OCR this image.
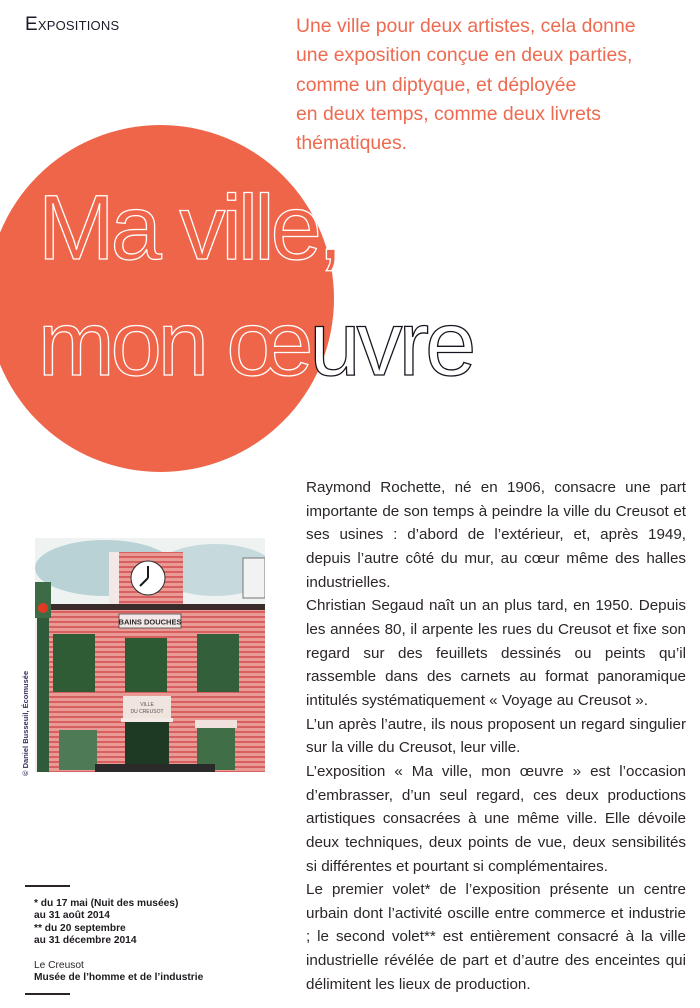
Expositions	Une ville pour deux artistes, cela donne
une exposition conçue en deux parties,
comme un diptyque, et déployée
en deux temps, comme deux livrets
thématiques.
Ma ville,
mon œuvre
BAINS DOUCHES
VILLE
DU CREUSOT
© Daniel Busseuil, Écomusée

Raymond Rochette, né en 1906, consacre une part importante de son temps à peindre la ville du Creusot et ses usines : d’abord de l’extérieur, et, après 1949, depuis l’autre côté du mur, au cœur même des halles industrielles.

Christian Segaud naît un an plus tard, en 1950. Depuis les années 80, il arpente les rues du Creusot et fixe son regard sur des feuillets dessinés ou peints qu’il rassemble dans des carnets au format panoramique intitulés systématiquement « Voyage au Creusot ».

L’un après l’autre, ils nous proposent un regard singulier sur la ville du Creusot, leur ville.

L’exposition « Ma ville, mon œuvre » est l’occasion d’embrasser, d’un seul regard, ces deux productions artistiques consacrées à une même ville. Elle dévoile deux techniques, deux points de vue, deux sensibilités si différentes et pourtant si complémentaires.

Le premier volet* de l’exposition présente un centre urbain dont l’activité oscille entre commerce et industrie ; le second volet** est entièrement consacré à la ville industrielle révélée de part et d’autre des enceintes qui délimitent les lieux de production.

* du 17 mai (Nuit des musées)
au 31 août 2014
** du 20 septembre
au 31 décembre 2014
Le Creusot
Musée de l’homme et de l’industrie
